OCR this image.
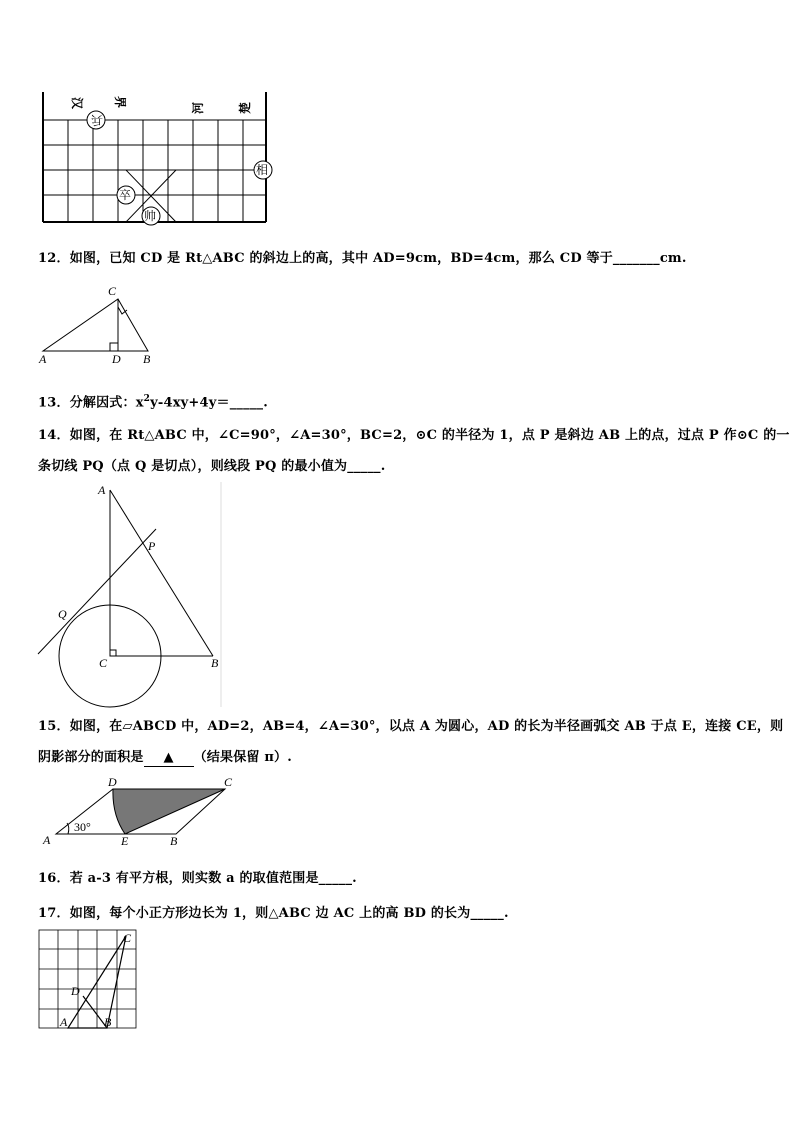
汉 界	河	楚
兵
相
卒
帅
12．如图，已知 CD 是 Rt△ABC 的斜边上的高，其中 AD=9cm，BD=4cm，那么 CD 等于_______cm.
C
A	D B
13．分解因式：$x^2y-4xy+4y=\_\_\_\_\_$.
14．如图，在 Rt△ABC 中，∠C=90°，∠A=30°，BC=2，⊙C 的半径为 1，点 P 是斜边 AB 上的点，过点 P 作⊙C 的一
条切线 PQ（点 Q 是切点），则线段 PQ 的最小值为_____.
A
P
Q
C	B
15．如图，在▱ABCD 中，AD=2，AB=4，∠A=30°，以点 A 为圆心，AD 的长为半径画弧交 AB 于点 E，连接 CE，则
阴影部分的面积是 ▲ （结果保留 π）.
D	C
A
30°
E	B
16．若 a-3 有平方根，则实数 a 的取值范围是_____.
17．如图，每个小正方形边长为 1，则△ABC 边 AC 上的高 BD 的长为_____.
C
D
A	B
